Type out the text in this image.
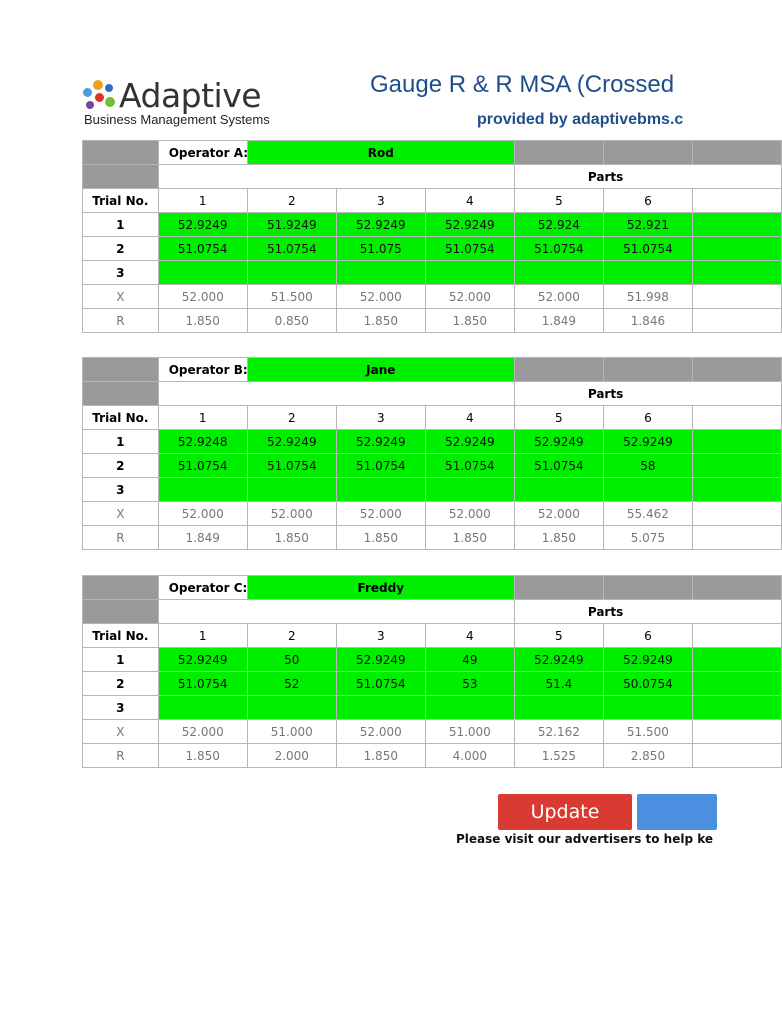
Adaptive
Business Management Systems
Gauge R & R MSA (Crossed
provided by adaptivebms.c
	Operator A:	Rod					
					Parts		
Trial No.	1	2	3	4	5	6	
1	52.9249	51.9249	52.9249	52.9249	52.924	52.921	
2	51.0754	51.0754	51.075	51.0754	51.0754	51.0754	
3							
X	52.000	51.500	52.000	52.000	52.000	51.998	
R	1.850	0.850	1.850	1.850	1.849	1.846	
	Operator B:	Jane					
					Parts		
Trial No.	1	2	3	4	5	6	
1	52.9248	52.9249	52.9249	52.9249	52.9249	52.9249	
2	51.0754	51.0754	51.0754	51.0754	51.0754	58	
3							
X	52.000	52.000	52.000	52.000	52.000	55.462	
R	1.849	1.850	1.850	1.850	1.850	5.075	
	Operator C:	Freddy					
					Parts		
Trial No.	1	2	3	4	5	6	
1	52.9249	50	52.9249	49	52.9249	52.9249	
2	51.0754	52	51.0754	53	51.4	50.0754	
3							
X	52.000	51.000	52.000	51.000	52.162	51.500	
R	1.850	2.000	1.850	4.000	1.525	2.850	
Update
Please visit our advertisers to help ke
